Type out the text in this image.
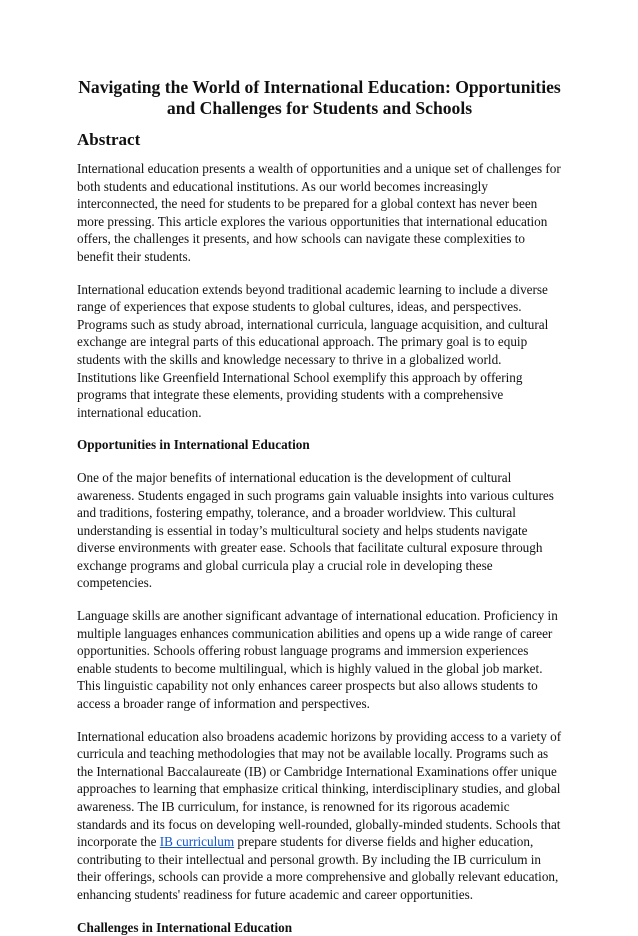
Navigating the World of International Education: Opportunities and Challenges for Students and Schools
Abstract

International education presents a wealth of opportunities and a unique set of challenges for both students and educational institutions. As our world becomes increasingly interconnected, the need for students to be prepared for a global context has never been more pressing. This article explores the various opportunities that international education offers, the challenges it presents, and how schools can navigate these complexities to benefit their students.

International education extends beyond traditional academic learning to include a diverse range of experiences that expose students to global cultures, ideas, and perspectives. Programs such as study abroad, international curricula, language acquisition, and cultural exchange are integral parts of this educational approach. The primary goal is to equip students with the skills and knowledge necessary to thrive in a globalized world. Institutions like Greenfield International School exemplify this approach by offering programs that integrate these elements, providing students with a comprehensive international education.

Opportunities in International Education

One of the major benefits of international education is the development of cultural awareness. Students engaged in such programs gain valuable insights into various cultures and traditions, fostering empathy, tolerance, and a broader worldview. This cultural understanding is essential in today’s multicultural society and helps students navigate diverse environments with greater ease. Schools that facilitate cultural exposure through exchange programs and global curricula play a crucial role in developing these competencies.

Language skills are another significant advantage of international education. Proficiency in multiple languages enhances communication abilities and opens up a wide range of career opportunities. Schools offering robust language programs and immersion experiences enable students to become multilingual, which is highly valued in the global job market. This linguistic capability not only enhances career prospects but also allows students to access a broader range of information and perspectives.

International education also broadens academic horizons by providing access to a variety of curricula and teaching methodologies that may not be available locally. Programs such as the International Baccalaureate (IB) or Cambridge International Examinations offer unique approaches to learning that emphasize critical thinking, interdisciplinary studies, and global awareness. The IB curriculum, for instance, is renowned for its rigorous academic standards and its focus on developing well-rounded, globally-minded students. Schools that incorporate the IB curriculum prepare students for diverse fields and higher education, contributing to their intellectual and personal growth. By including the IB curriculum in their offerings, schools can provide a more comprehensive and globally relevant education, enhancing students' readiness for future academic and career opportunities.

Challenges in International Education
